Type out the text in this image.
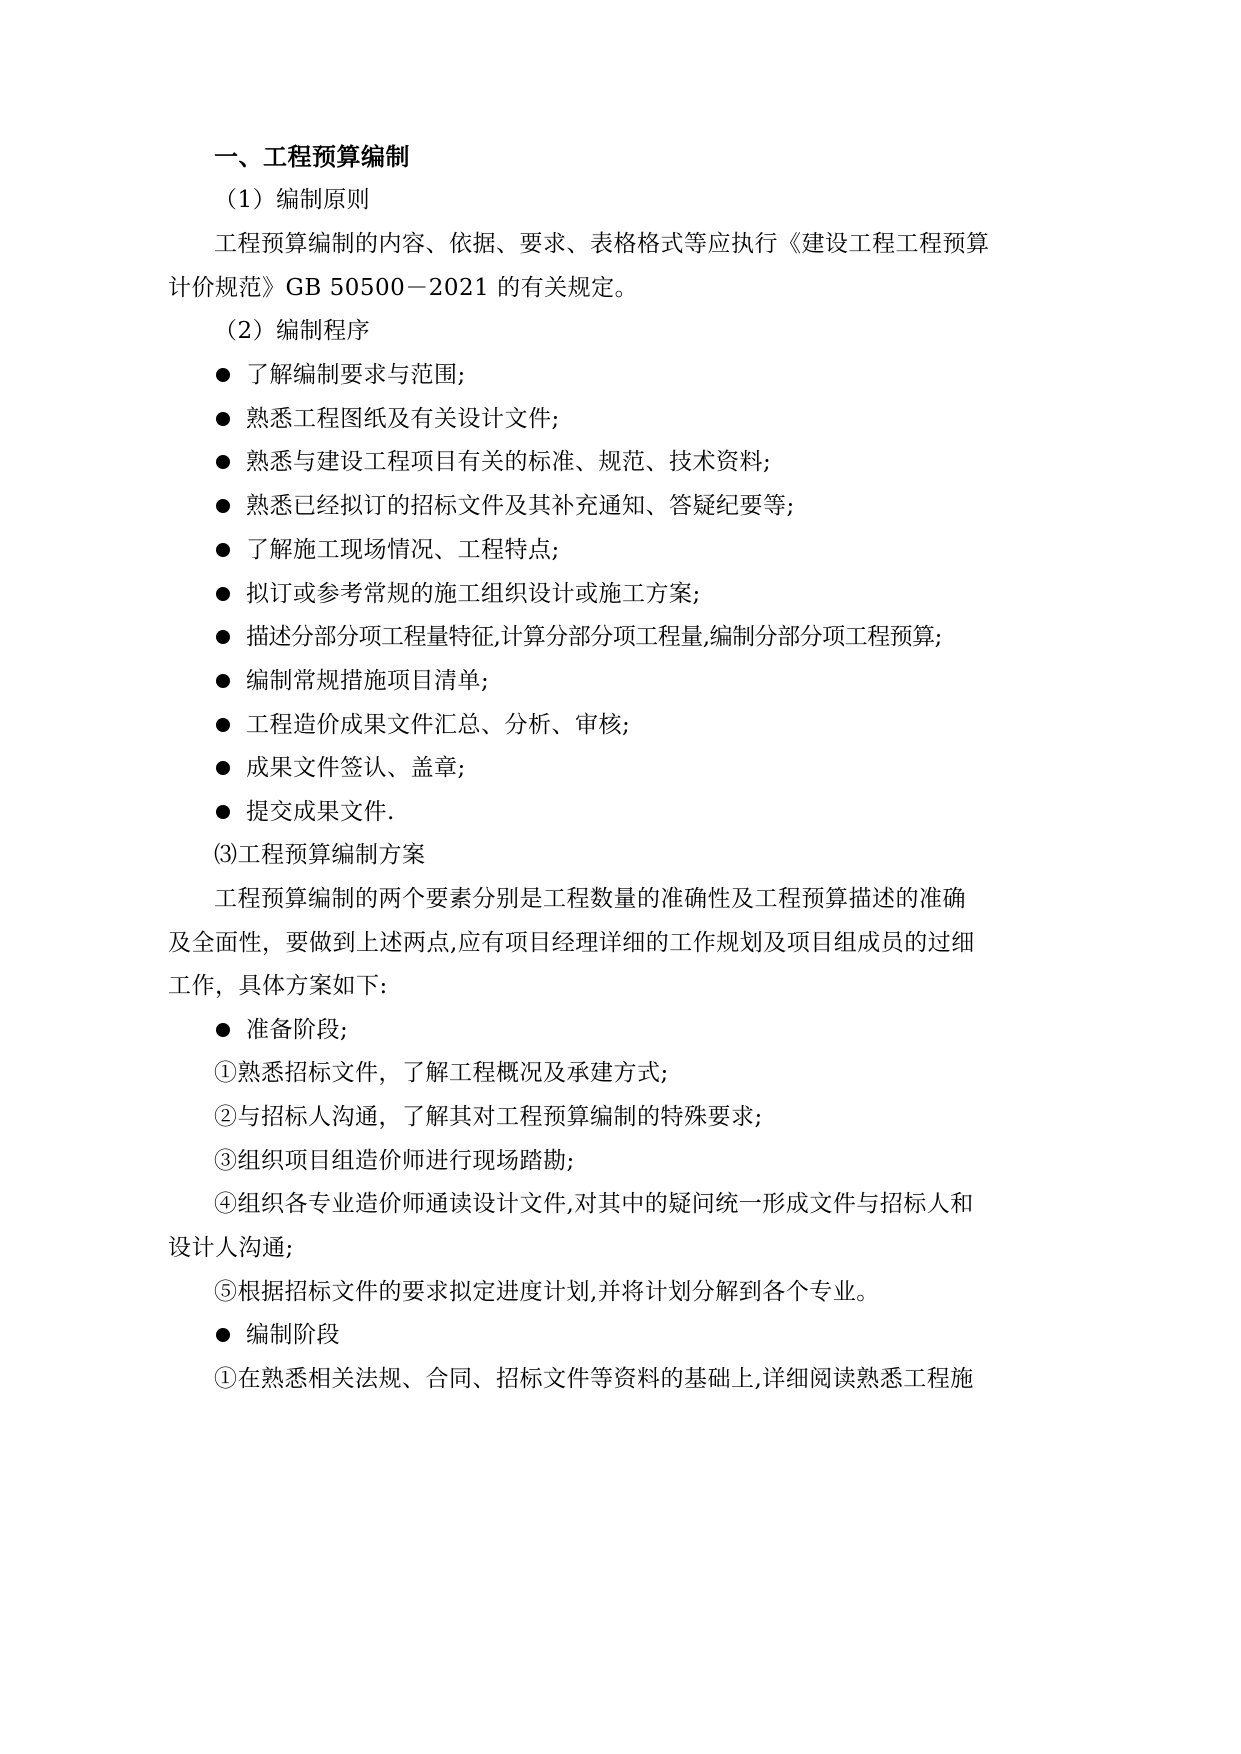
一、工程预算编制
（1）编制原则
工程预算编制的内容、依据、要求、表格格式等应执行《建设工程工程预算
计价规范》GB 50500－2021 的有关规定。
（2）编制程序
了解编制要求与范围;
熟悉工程图纸及有关设计文件;
熟悉与建设工程项目有关的标准、规范、技术资料;
熟悉已经拟订的招标文件及其补充通知、答疑纪要等;
了解施工现场情况、工程特点;
拟订或参考常规的施工组织设计或施工方案;
描述分部分项工程量特征,计算分部分项工程量,编制分部分项工程预算;
编制常规措施项目清单;
工程造价成果文件汇总、分析、审核;
成果文件签认、盖章;
提交成果文件.
⑶工程预算编制方案
工程预算编制的两个要素分别是工程数量的准确性及工程预算描述的准确
及全面性，要做到上述两点,应有项目经理详细的工作规划及项目组成员的过细
工作，具体方案如下:
准备阶段;
①熟悉招标文件，了解工程概况及承建方式;
②与招标人沟通，了解其对工程预算编制的特殊要求;
③组织项目组造价师进行现场踏勘;
④组织各专业造价师通读设计文件,对其中的疑问统一形成文件与招标人和
设计人沟通;
⑤根据招标文件的要求拟定进度计划,并将计划分解到各个专业。
编制阶段
①在熟悉相关法规、合同、招标文件等资料的基础上,详细阅读熟悉工程施
